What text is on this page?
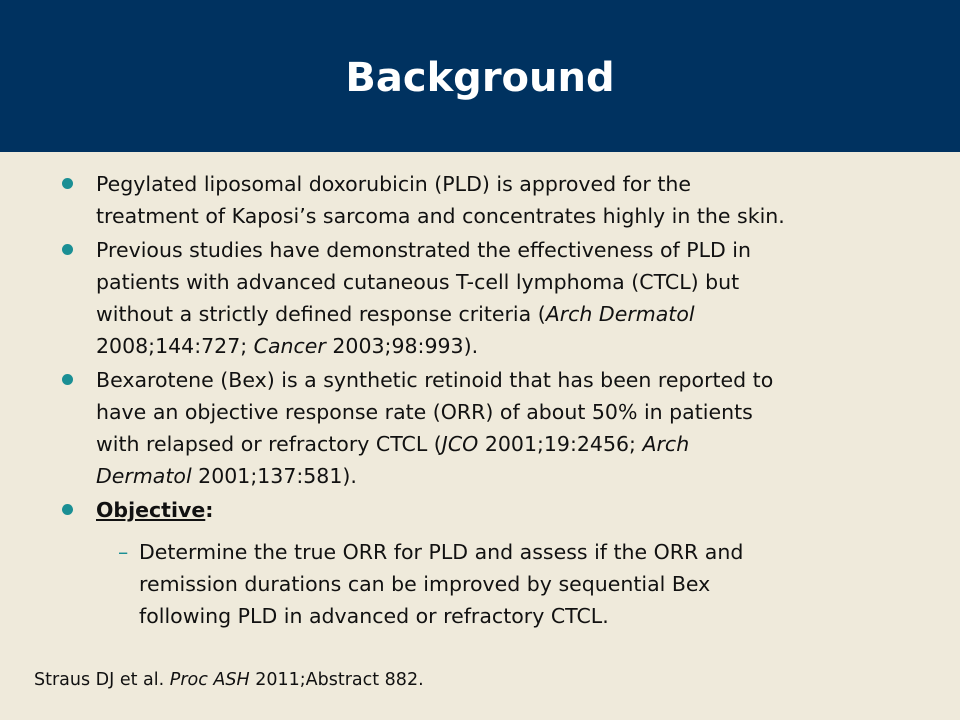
Background
Pegylated liposomal doxorubicin (PLD) is approved for the
treatment of Kaposi’s sarcoma and concentrates highly in the skin.
Previous studies have demonstrated the effectiveness of PLD in
patients with advanced cutaneous T-cell lymphoma (CTCL) but
without a strictly defined response criteria (Arch Dermatol
2008;144:727; Cancer 2003;98:993).
Bexarotene (Bex) is a synthetic retinoid that has been reported to
have an objective response rate (ORR) of about 50% in patients
with relapsed or refractory CTCL (JCO 2001;19:2456; Arch
Dermatol 2001;137:581).
Objective:
– Determine the true ORR for PLD and assess if the ORR and
remission durations can be improved by sequential Bex
following PLD in advanced or refractory CTCL.
Straus DJ et al. Proc ASH 2011;Abstract 882.
